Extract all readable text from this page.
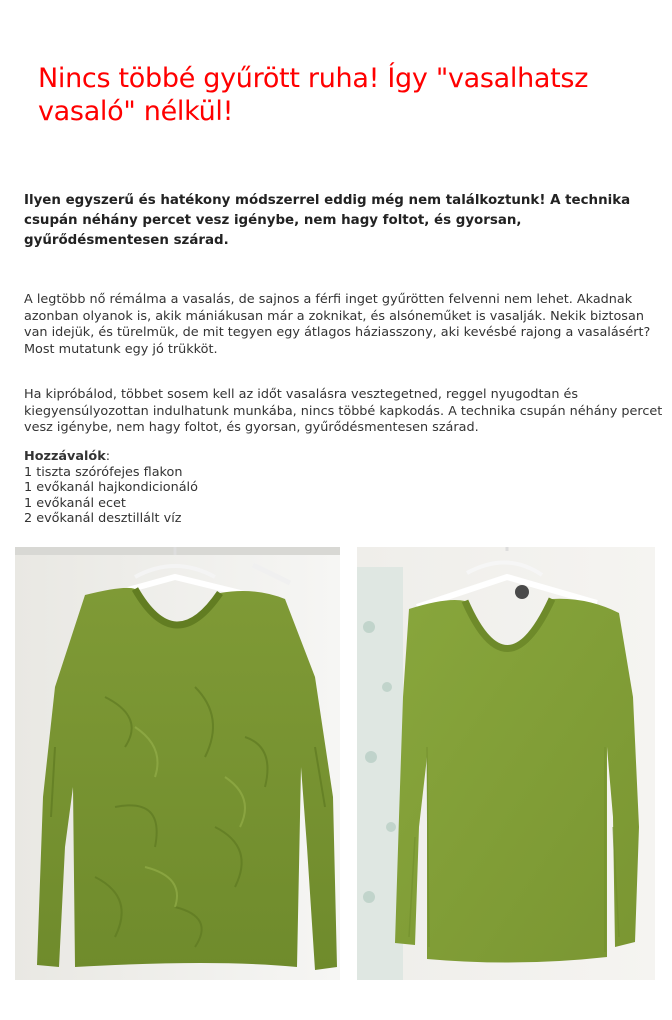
Nincs többé gyűrött ruha! Így "vasalhatsz vasaló" nélkül!
Ilyen egyszerű és hatékony módszerrel eddig még nem találkoztunk! A technika csupán néhány percet vesz igénybe, nem hagy foltot, és gyorsan, gyűrődésmentesen szárad.
A legtöbb nő rémálma a vasalás, de sajnos a férfi inget gyűrötten felvenni nem lehet. Akadnak azonban olyanok is, akik mániákusan már a zoknikat, és alsóneműket is vasalják. Nekik biztosan van idejük, és türelmük, de mit tegyen egy átlagos háziasszony, aki kevésbé rajong a vasalásért? Most mutatunk egy jó trükköt.
Ha kipróbálod, többet sosem kell az időt vasalásra vesztegetned, reggel nyugodtan és kiegyensúlyozottan indulhatunk munkába, nincs többé kapkodás. A technika csupán néhány percet vesz igénybe, nem hagy foltot, és gyorsan, gyűrődésmentesen szárad.
Hozzávalók:
1 tiszta szórófejes flakon
1 evőkanál hajkondicionáló
1 evőkanál ecet
2 evőkanál desztillált víz
